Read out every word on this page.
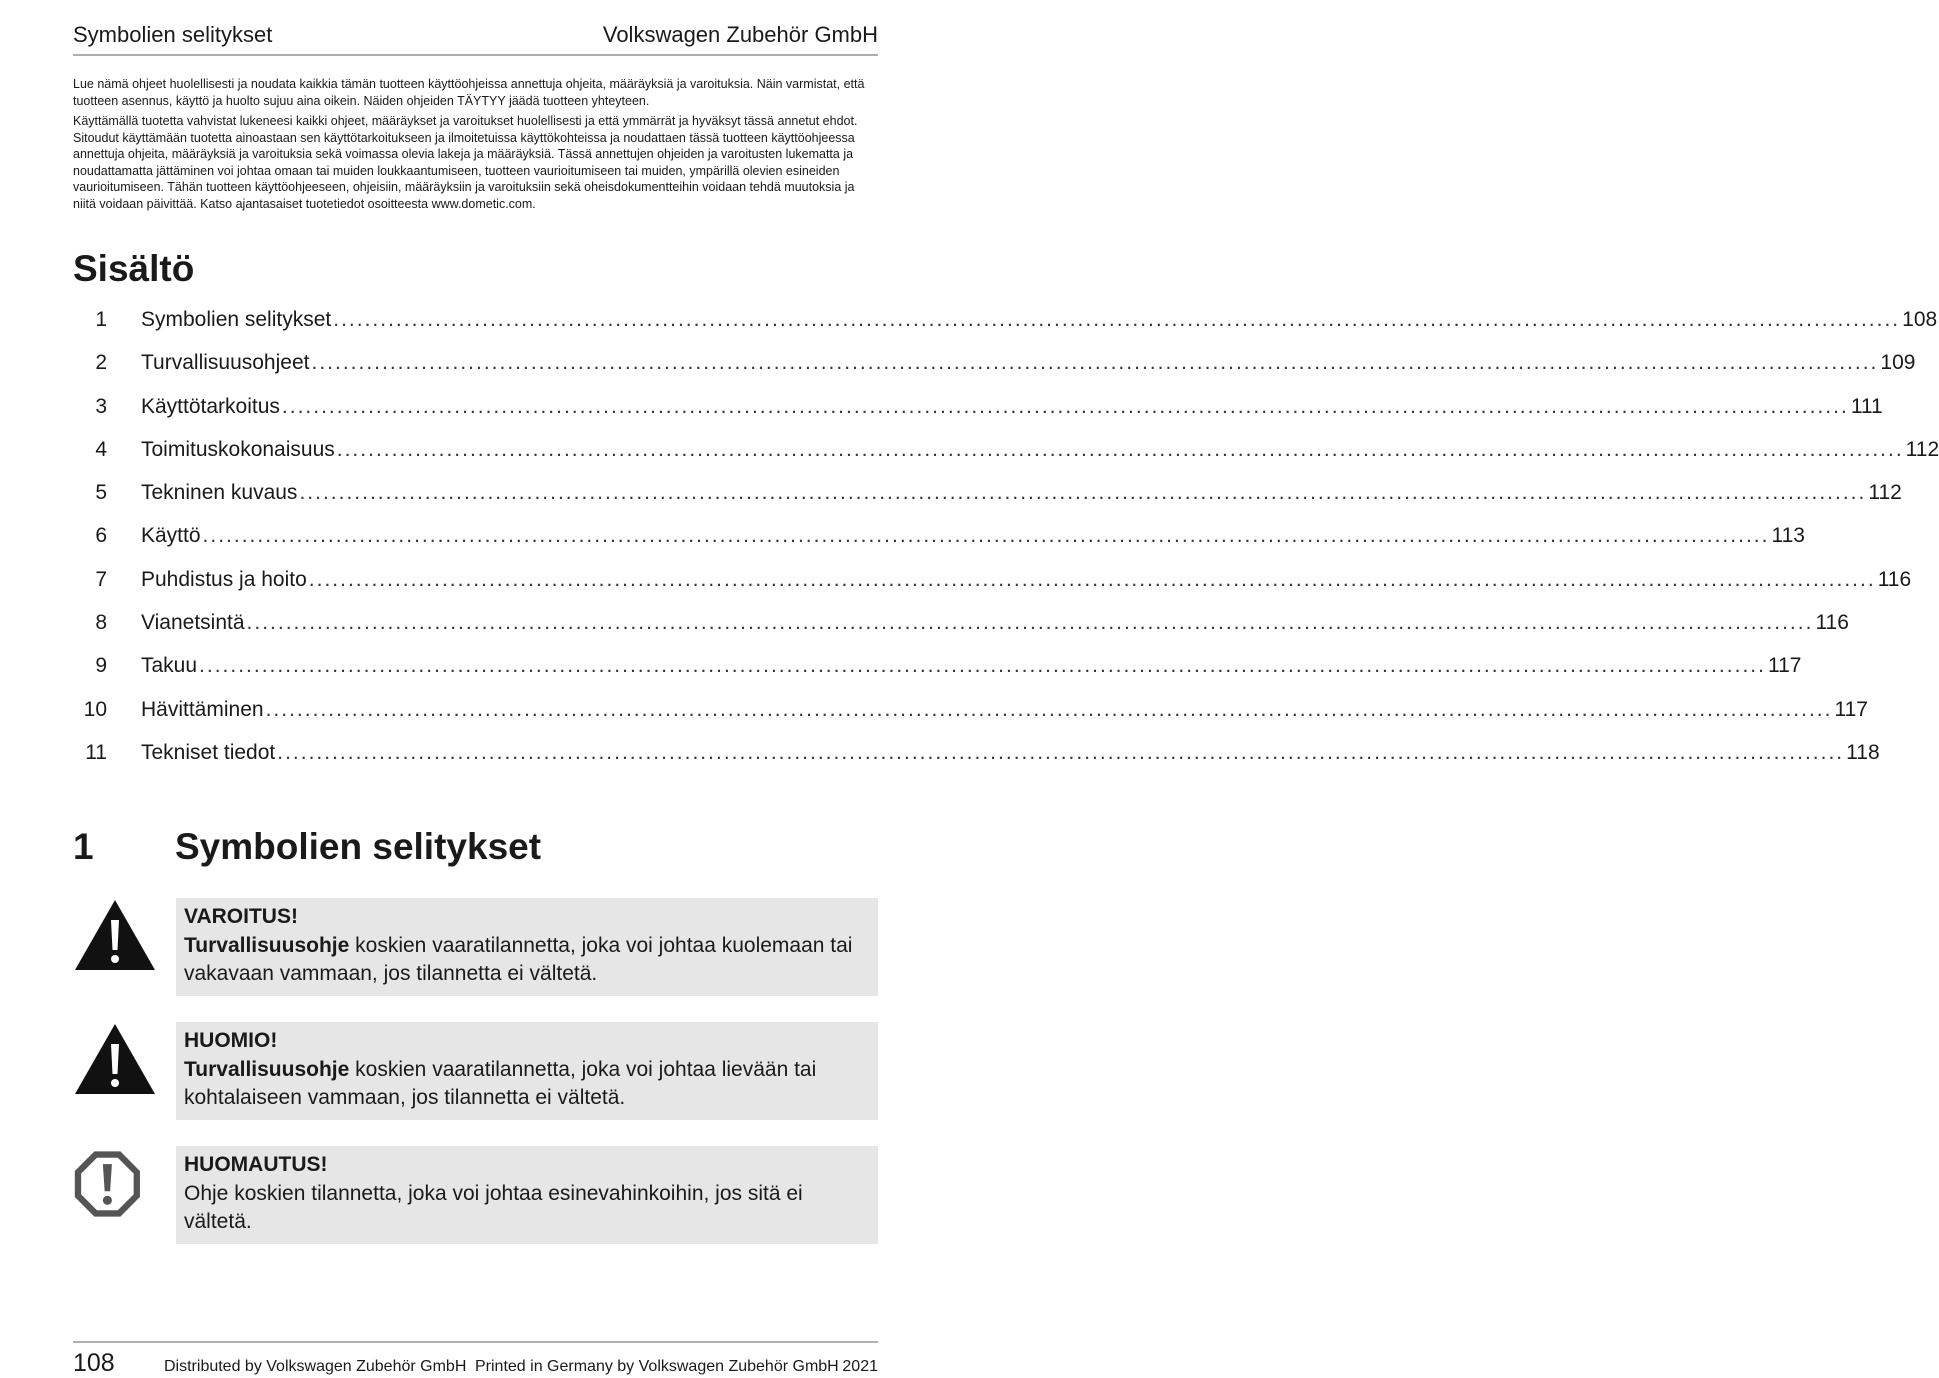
Symbolien selitykset	Volkswagen Zubehör GmbH

Lue nämä ohjeet huolellisesti ja noudata kaikkia tämän tuotteen käyttöohjeissa annettuja ohjeita, määräyksiä ja varoituksia. Näin varmistat, että tuotteen asennus, käyttö ja huolto sujuu aina oikein. Näiden ohjeiden TÄYTYY jäädä tuotteen yhteyteen.

Käyttämällä tuotetta vahvistat lukeneesi kaikki ohjeet, määräykset ja varoitukset huolellisesti ja että ymmärrät ja hyväksyt tässä annetut ehdot. Sitoudut käyttämään tuotetta ainoastaan sen käyttötarkoitukseen ja ilmoitetuissa käyttökohteissa ja noudattaen tässä tuotteen käyttöohjeessa annettuja ohjeita, määräyksiä ja varoituksia sekä voimassa olevia lakeja ja määräyksiä. Tässä annettujen ohjeiden ja varoitusten lukematta ja noudattamatta jättäminen voi johtaa omaan tai muiden loukkaantumiseen, tuotteen vaurioitumiseen tai muiden, ympärillä olevien esineiden vaurioitumiseen. Tähän tuotteen käyttöohjeeseen, ohjeisiin, määräyksiin ja varoituksiin sekä oheisdokumentteihin voidaan tehdä muutoksia ja niitä voidaan päivittää. Katso ajantasaiset tuotetiedot osoitteesta www.dometic.com.

Sisältö
1 Symbolien selitykset ........................................................................................................................................................................................................ 108
2 Turvallisuusohjeet ........................................................................................................................................................................................................ 109
3 Käyttötarkoitus ........................................................................................................................................................................................................ 111
4 Toimituskokonaisuus ........................................................................................................................................................................................................ 112
5 Tekninen kuvaus ........................................................................................................................................................................................................ 112
6 Käyttö ........................................................................................................................................................................................................ 113
7 Puhdistus ja hoito ........................................................................................................................................................................................................ 116
8 Vianetsintä ........................................................................................................................................................................................................ 116
9 Takuu ........................................................................................................................................................................................................ 117
10 Hävittäminen ........................................................................................................................................................................................................ 117
11 Tekniset tiedot ........................................................................................................................................................................................................ 118
1 Symbolien selitykset
VAROITUS!
Turvallisuusohje koskien vaaratilannetta, joka voi johtaa kuolemaan tai vakavaan vammaan, jos tilannetta ei vältetä.
HUOMIO!
Turvallisuusohje koskien vaaratilannetta, joka voi johtaa lievään tai kohtalaiseen vammaan, jos tilannetta ei vältetä.
HUOMAUTUS!
Ohje koskien tilannetta, joka voi johtaa esinevahinkoihin, jos sitä ei vältetä.
108	Distributed by Volkswagen Zubehör GmbH Printed in Germany by Volkswagen Zubehör GmbH 2021
